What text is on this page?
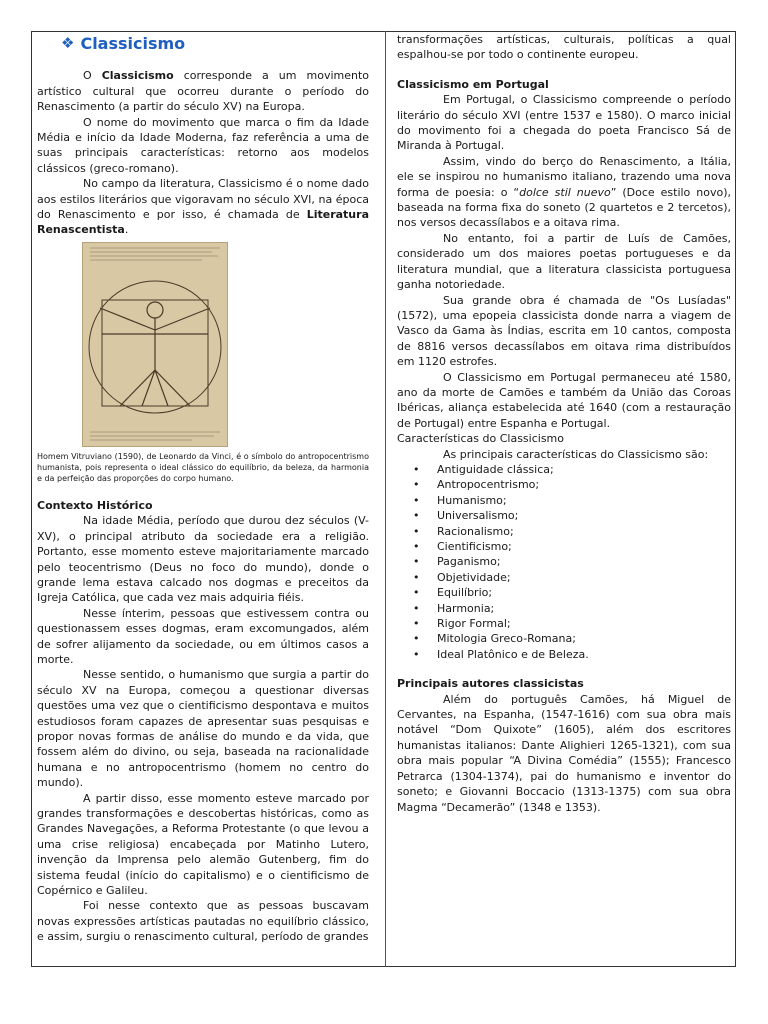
❖ Classicismo

O Classicismo corresponde a um movimento artístico cultural que ocorreu durante o período do Renascimento (a partir do século XV) na Europa.

O nome do movimento que marca o fim da Idade Média e início da Idade Moderna, faz referência a uma de suas principais características: retorno aos modelos clássicos (greco-romano).

No campo da literatura, Classicismo é o nome dado aos estilos literários que vigoravam no século XVI, na época do Renascimento e por isso, é chamada de Literatura Renascentista.

Homem Vitruviano (1590), de Leonardo da Vinci, é o símbolo do antropocentrismo humanista, pois representa o ideal clássico do equilíbrio, da beleza, da harmonia e da perfeição das proporções do corpo humano.

Contexto Histórico

Na idade Média, período que durou dez séculos (V-XV), o principal atributo da sociedade era a religião. Portanto, esse momento esteve majoritariamente marcado pelo teocentrismo (Deus no foco do mundo), donde o grande lema estava calcado nos dogmas e preceitos da Igreja Católica, que cada vez mais adquiria fiéis.

Nesse ínterim, pessoas que estivessem contra ou questionassem esses dogmas, eram excomungados, além de sofrer alijamento da sociedade, ou em últimos casos a morte.

Nesse sentido, o humanismo que surgia a partir do século XV na Europa, começou a questionar diversas questões uma vez que o cientificismo despontava e muitos estudiosos foram capazes de apresentar suas pesquisas e propor novas formas de análise do mundo e da vida, que fossem além do divino, ou seja, baseada na racionalidade humana e no antropocentrismo (homem no centro do mundo).

A partir disso, esse momento esteve marcado por grandes transformações e descobertas históricas, como as Grandes Navegações, a Reforma Protestante (o que levou a uma crise religiosa) encabeçada por Matinho Lutero, invenção da Imprensa pelo alemão Gutenberg, fim do sistema feudal (início do capitalismo) e o cientificismo de Copérnico e Galileu.

Foi nesse contexto que as pessoas buscavam novas expressões artísticas pautadas no equilíbrio clássico, e assim, surgiu o renascimento cultural, período de grandes

transformações artísticas, culturais, políticas a qual espalhou-se por todo o continente europeu.

Classicismo em Portugal

Em Portugal, o Classicismo compreende o período literário do século XVI (entre 1537 e 1580). O marco inicial do movimento foi a chegada do poeta Francisco Sá de Miranda à Portugal.

Assim, vindo do berço do Renascimento, a Itália, ele se inspirou no humanismo italiano, trazendo uma nova forma de poesia: o “dolce stil nuevo” (Doce estilo novo), baseada na forma fixa do soneto (2 quartetos e 2 tercetos), nos versos decassílabos e a oitava rima.

No entanto, foi a partir de Luís de Camões, considerado um dos maiores poetas portugueses e da literatura mundial, que a literatura classicista portuguesa ganha notoriedade.

Sua grande obra é chamada de "Os Lusíadas" (1572), uma epopeia classicista donde narra a viagem de Vasco da Gama às Índias, escrita em 10 cantos, composta de 8816 versos decassílabos em oitava rima distribuídos em 1120 estrofes.

O Classicismo em Portugal permaneceu até 1580, ano da morte de Camões e também da União das Coroas Ibéricas, aliança estabelecida até 1640 (com a restauração de Portugal) entre Espanha e Portugal.

Características do Classicismo

As principais características do Classicismo são:

•	Antiguidade clássica;
•	Antropocentrismo;
•	Humanismo;
•	Universalismo;
•	Racionalismo;
•	Cientificismo;
•	Paganismo;
•	Objetividade;
•	Equilíbrio;
•	Harmonia;
•	Rigor Formal;
•	Mitologia Greco-Romana;
•	Ideal Platônico e de Beleza.

Principais autores classicistas

Além do português Camões, há Miguel de Cervantes, na Espanha, (1547-1616) com sua obra mais notável “Dom Quixote” (1605), além dos escritores humanistas italianos: Dante Alighieri 1265-1321), com sua obra mais popular “A Divina Comédia” (1555); Francesco Petrarca (1304-1374), pai do humanismo e inventor do soneto; e Giovanni Boccacio (1313-1375) com sua obra Magma “Decamerão” (1348 e 1353).
